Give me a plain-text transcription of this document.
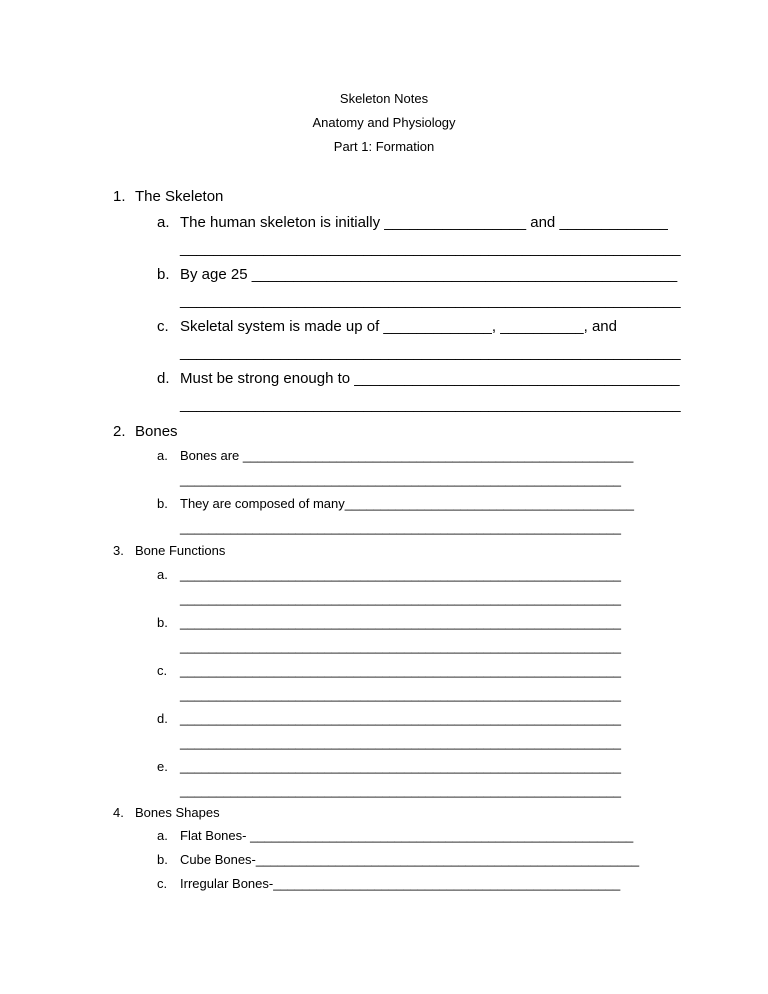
Skeleton Notes
Anatomy and Physiology
Part 1: Formation
1. The Skeleton
a. The human skeleton is initially _________________ and _____________
____________________________________________________________
b. By age 25 ___________________________________________________
____________________________________________________________
c. Skeletal system is made up of _____________, __________, and
____________________________________________________________
d. Must be strong enough to _______________________________________
____________________________________________________________
2. Bones
a. Bones are ______________________________________________________
_____________________________________________________________
b. They are composed of many________________________________________
_____________________________________________________________
3. Bone Functions
a. _____________________________________________________________
_____________________________________________________________
b. _____________________________________________________________
_____________________________________________________________
c. _____________________________________________________________
_____________________________________________________________
d. _____________________________________________________________
_____________________________________________________________
e. _____________________________________________________________
_____________________________________________________________
4. Bones Shapes
a. Flat Bones- _____________________________________________________
b. Cube Bones-_____________________________________________________
c. Irregular Bones-________________________________________________
